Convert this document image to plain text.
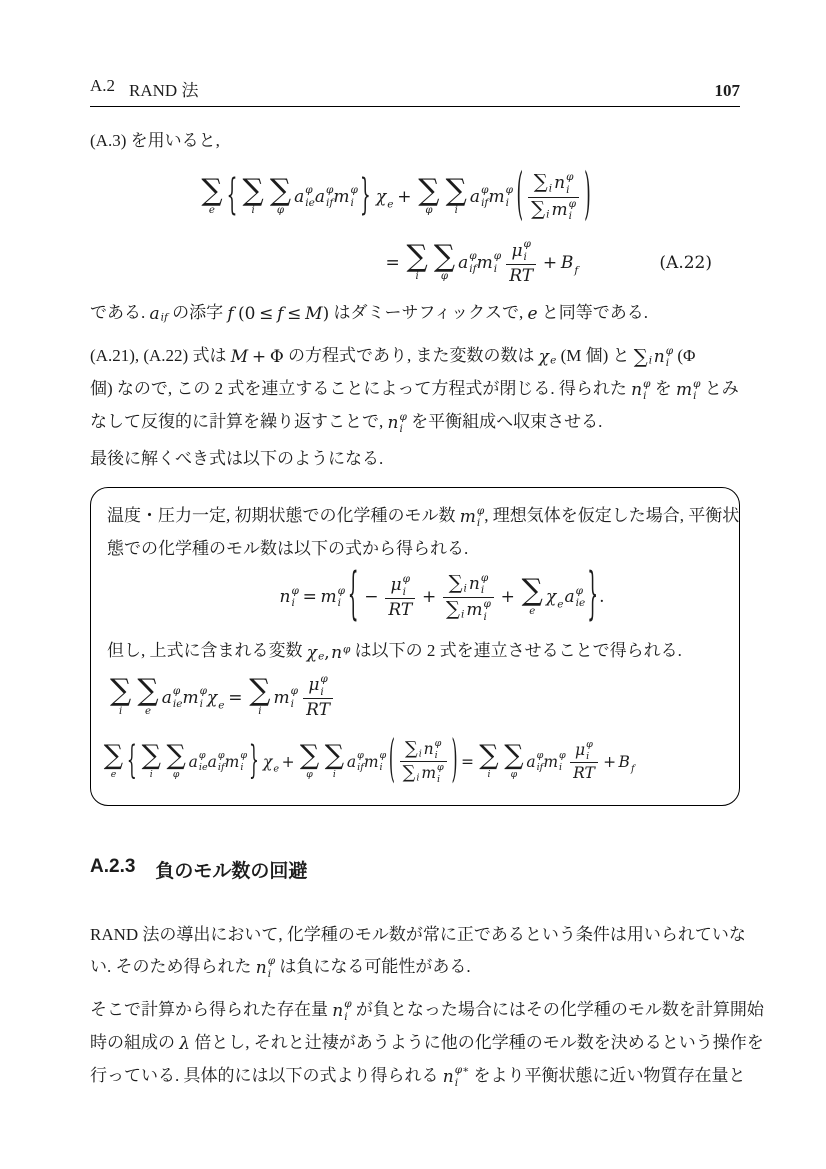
A.2 RAND 法	107
(A.3) を用いると,
∑
e { ∑
i
∑
φ
a φ
ie a φ
if m φ
i } χ e + ∑
φ
∑
i
a φ
if m φ
i ( ∑ i n φ
i
∑ i m φ
i )
= ∑
i
∑
φ
a φ
if m φ
i
μ φ
i
RT
+ B f	(A.22)
である. a if の添字 f
(0 ≤ f ≤ M ) はダミーサフィックスで, e と同等である.
(A.21), (A.22) 式は M + Φ の方程式であり, また変数の数は χ e (M 個) と ∑ i n φ
i (Φ
個) なので, この 2 式を連立することによって方程式が閉じる. 得られた n φ
i を m φ
i とみ
なして反復的に計算を繰り返すことで, n φ
i を平衡組成へ収束させる.
最後に解くべき式は以下のようになる.
温度・圧力一定, 初期状態での化学種のモル数 m φ
i , 理想気体を仮定した場合, 平衡状
態での化学種のモル数は以下の式から得られる.
n φ
i = m φ
i { −
μ φ
i
RT
+
∑ i n φ
i
∑ i m φ
i
+ ∑
e
χ e a φ
ie } .
但し, 上式に含まれる変数 χ e , n φ は以下の 2 式を連立させることで得られる.
∑
i
∑
e
a φ
ie m φ
i χ e = ∑
i
m φ
i
μ φ
i
RT
∑
e { ∑
i
∑
φ
a φ
ie a φ
if m φ
i } χ e + ∑
φ
∑
i
a φ
if m φ
i ( ∑ i n φ
i
∑ i m φ
i ) = ∑
i
∑
φ
a φ
if m φ
i
μ φ
i
RT
+ B f
A.2.3 負のモル数の回避
RAND 法の導出において, 化学種のモル数が常に正であるという条件は用いられていな
い. そのため得られた n φ
i は負になる可能性がある.
そこで計算から得られた存在量 n φ
i が負となった場合にはその化学種のモル数を計算開始
時の組成の λ 倍とし, それと辻褄があうように他の化学種のモル数を決めるという操作を
行っている. 具体的には以下の式より得られる n φ∗
i をより平衡状態に近い物質存在量と
